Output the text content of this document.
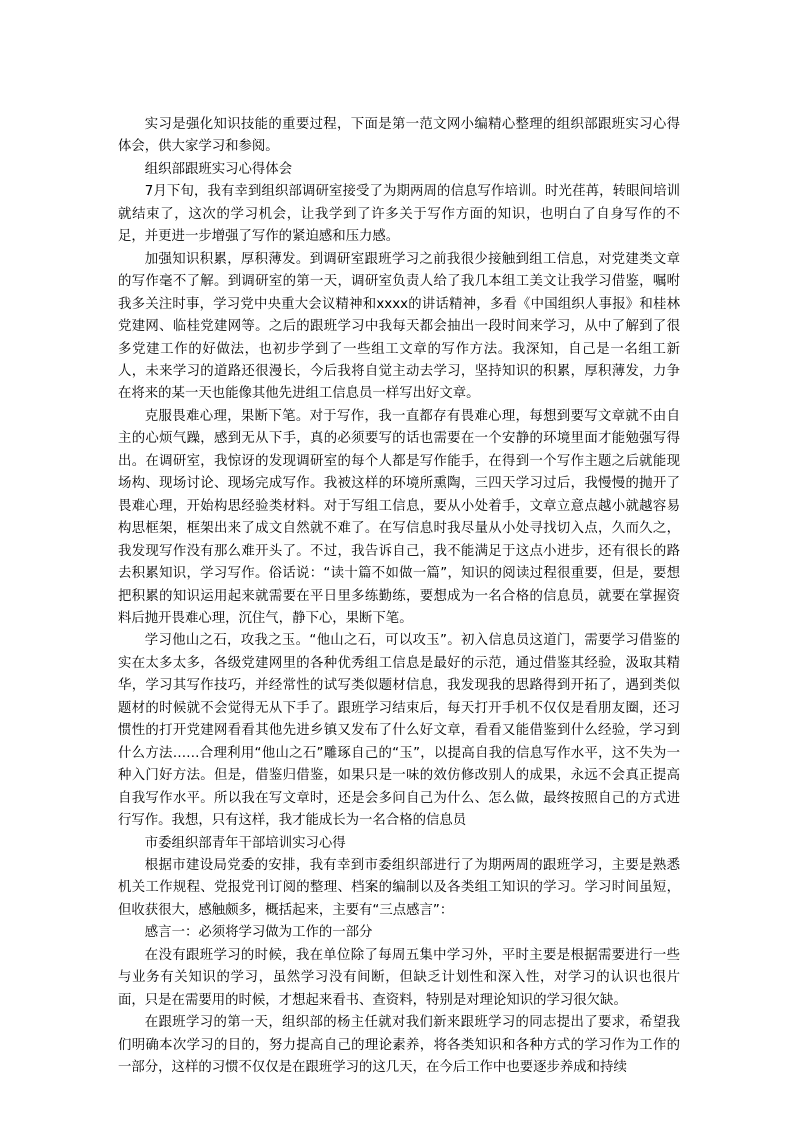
实习是强化知识技能的重要过程，下面是第一范文网小编精心整理的组织部跟班实习心得体会，供大家学习和参阅。

组织部跟班实习心得体会

7月下旬，我有幸到组织部调研室接受了为期两周的信息写作培训。时光荏苒，转眼间培训就结束了，这次的学习机会，让我学到了许多关于写作方面的知识，也明白了自身写作的不足，并更进一步增强了写作的紧迫感和压力感。

加强知识积累，厚积薄发。到调研室跟班学习之前我很少接触到组工信息，对党建类文章的写作毫不了解。到调研室的第一天，调研室负责人给了我几本组工美文让我学习借鉴，嘱咐我多关注时事，学习党中央重大会议精神和xxxx的讲话精神，多看《中国组织人事报》和桂林党建网、临桂党建网等。之后的跟班学习中我每天都会抽出一段时间来学习，从中了解到了很多党建工作的好做法，也初步学到了一些组工文章的写作方法。我深知，自己是一名组工新人，未来学习的道路还很漫长，今后我将自觉主动去学习，坚持知识的积累，厚积薄发，力争在将来的某一天也能像其他先进组工信息员一样写出好文章。

克服畏难心理，果断下笔。对于写作，我一直都存有畏难心理，每想到要写文章就不由自主的心烦气躁，感到无从下手，真的必须要写的话也需要在一个安静的环境里面才能勉强写得出。在调研室，我惊讶的发现调研室的每个人都是写作能手，在得到一个写作主题之后就能现场构、现场讨论、现场完成写作。我被这样的环境所熏陶，三四天学习过后，我慢慢的抛开了畏难心理，开始构思经验类材料。对于写组工信息，要从小处着手，文章立意点越小就越容易构思框架，框架出来了成文自然就不难了。在写信息时我尽量从小处寻找切入点，久而久之，我发现写作没有那么难开头了。不过，我告诉自己，我不能满足于这点小进步，还有很长的路去积累知识，学习写作。俗话说：“读十篇不如做一篇”，知识的阅读过程很重要，但是，要想把积累的知识运用起来就需要在平日里多练勤练，要想成为一名合格的信息员，就要在掌握资料后抛开畏难心理，沉住气，静下心，果断下笔。

学习他山之石，攻我之玉。“他山之石，可以攻玉”。初入信息员这道门，需要学习借鉴的实在太多太多，各级党建网里的各种优秀组工信息是最好的示范，通过借鉴其经验，汲取其精华，学习其写作技巧，并经常性的试写类似题材信息，我发现我的思路得到开拓了，遇到类似题材的时候就不会觉得无从下手了。跟班学习结束后，每天打开手机不仅仅是看朋友圈，还习惯性的打开党建网看看其他先进乡镇又发布了什么好文章，看看又能借鉴到什么经验，学习到什么方法……合理利用“他山之石”雕琢自己的“玉”，以提高自我的信息写作水平，这不失为一种入门好方法。但是，借鉴归借鉴，如果只是一味的效仿修改别人的成果，永远不会真正提高自我写作水平。所以我在写文章时，还是会多问自己为什么、怎么做，最终按照自己的方式进行写作。我想，只有这样，我才能成长为一名合格的信息员

市委组织部青年干部培训实习心得

根据市建设局党委的安排，我有幸到市委组织部进行了为期两周的跟班学习，主要是熟悉机关工作规程、党报党刊订阅的整理、档案的编制以及各类组工知识的学习。学习时间虽短，但收获很大，感触颇多，概括起来，主要有“三点感言”：

感言一：必须将学习做为工作的一部分

在没有跟班学习的时候，我在单位除了每周五集中学习外，平时主要是根据需要进行一些与业务有关知识的学习，虽然学习没有间断，但缺乏计划性和深入性，对学习的认识也很片面，只是在需要用的时候，才想起来看书、查资料，特别是对理论知识的学习很欠缺。

在跟班学习的第一天，组织部的杨主任就对我们新来跟班学习的同志提出了要求，希望我们明确本次学习的目的，努力提高自己的理论素养，将各类知识和各种方式的学习作为工作的一部分，这样的习惯不仅仅是在跟班学习的这几天，在今后工作中也要逐步养成和持续
